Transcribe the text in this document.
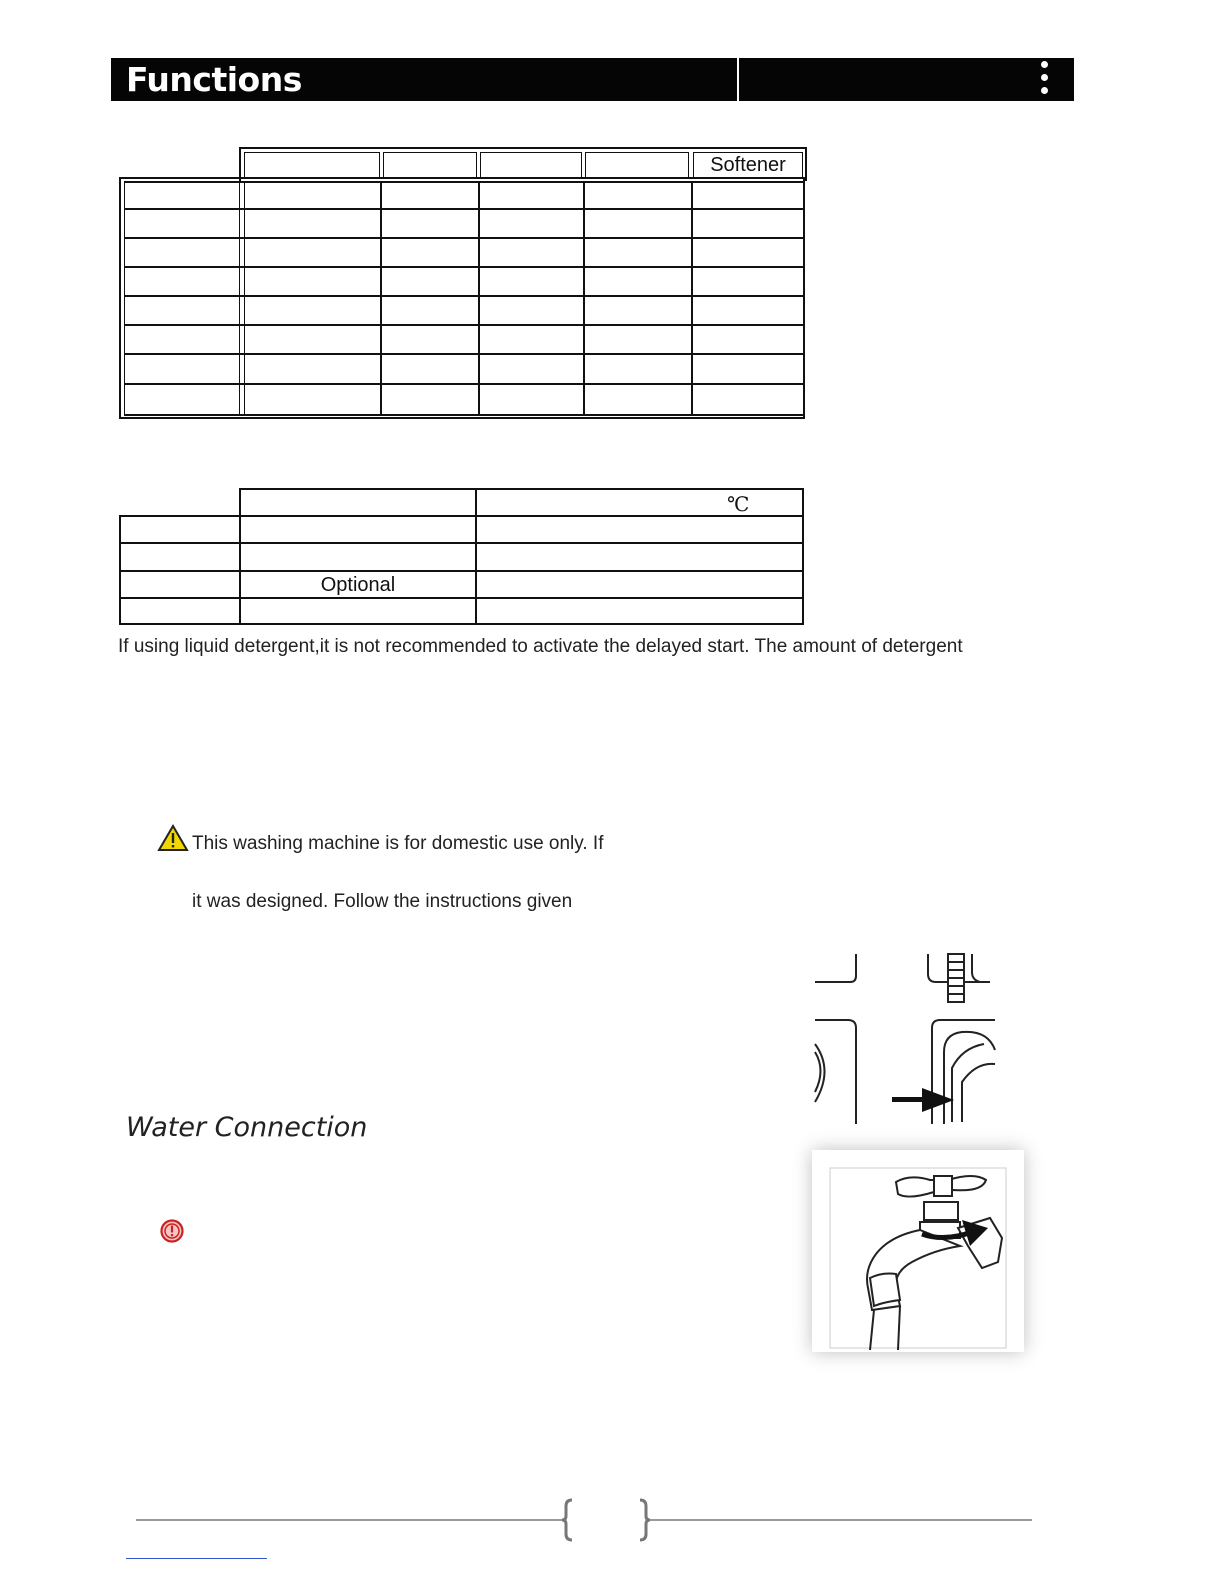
Functions
Softener
℃
Optional
If using liquid detergent,it is not recommended to activate the delayed start. The amount of detergent
This washing machine is for domestic use only. If
it was designed. Follow the instructions given
Water Connection
